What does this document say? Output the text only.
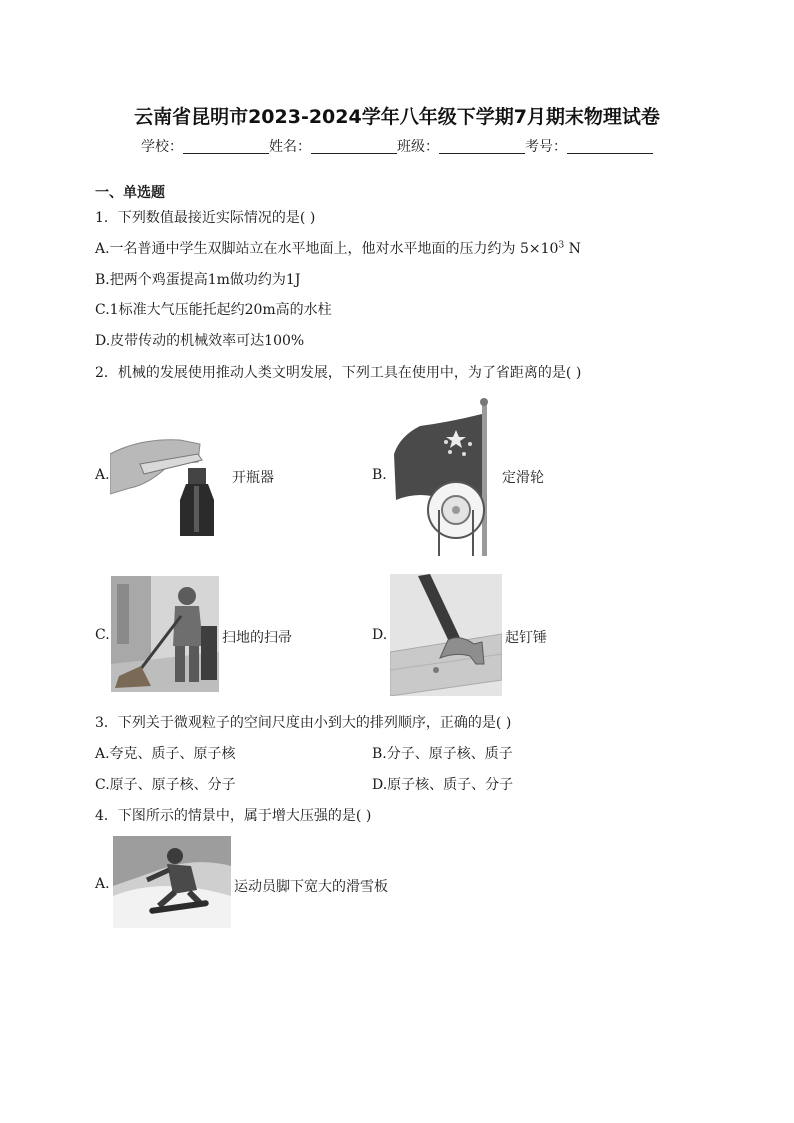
云南省昆明市2023-2024学年八年级下学期7月期末物理试卷
学校：	姓名：	班级：	考号：
一、单选题
1．下列数值最接近实际情况的是( )
A.一名普通中学生双脚站立在水平地面上，他对水平地面的压力约为 $5\times 10^3$ N
B.把两个鸡蛋提高1m做功约为1J
C.1标准大气压能托起约20m高的水柱
D.皮带传动的机械效率可达100%
2．机械的发展使用推动人类文明发展，下列工具在使用中，为了省距离的是( )
A.	开瓶器	B.	定滑轮
C.	扫地的扫帚	D.	起钉锤
3．下列关于微观粒子的空间尺度由小到大的排列顺序，正确的是( )
A.夸克、质子、原子核	B.分子、原子核、质子
C.原子、原子核、分子	D.原子核、质子、分子
4．下图所示的情景中，属于增大压强的是( )
A.	运动员脚下宽大的滑雪板
